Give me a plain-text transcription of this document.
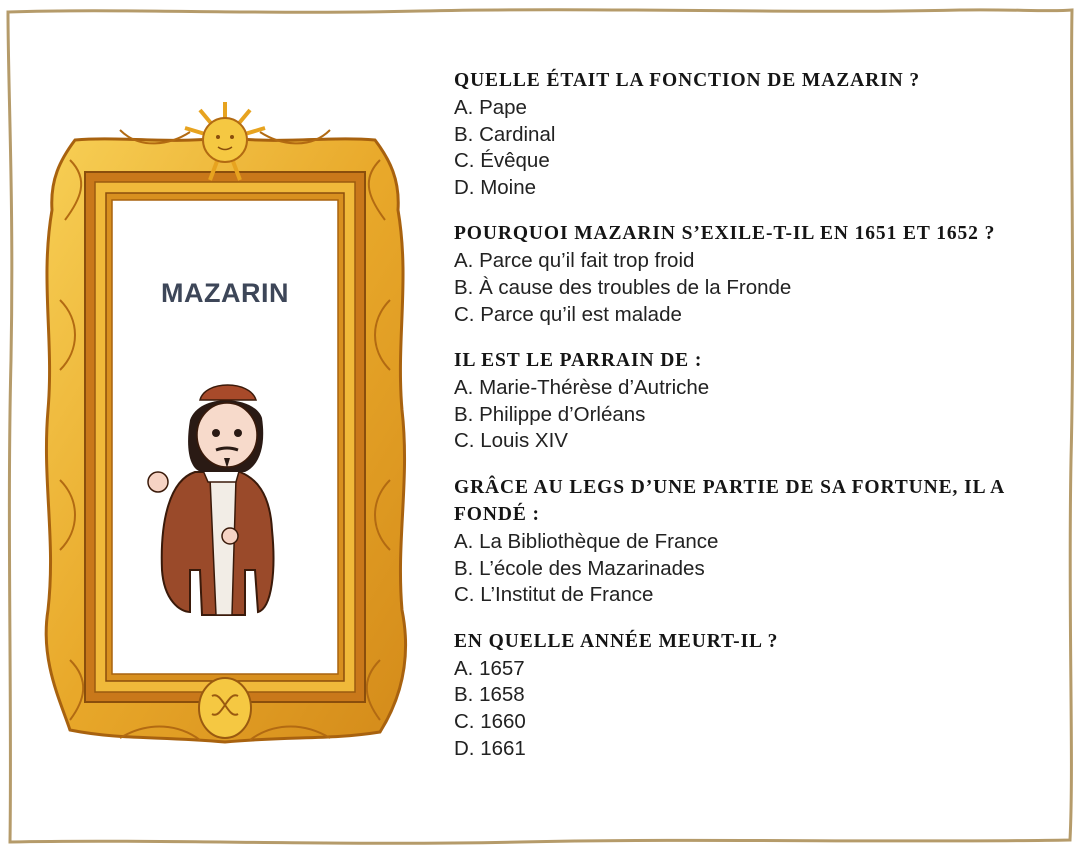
MAZARIN
QUELLE ÉTAIT LA FONCTION DE MAZARIN ?
A. Pape
B. Cardinal
C. Évêque
D. Moine
POURQUOI MAZARIN S’EXILE-T-IL EN 1651 ET 1652 ?
A. Parce qu’il fait trop froid
B. À cause des troubles de la Fronde
C. Parce qu’il est malade
IL EST LE PARRAIN DE :
A. Marie-Thérèse d’Autriche
B. Philippe d’Orléans
C. Louis XIV
GRÂCE AU LEGS D’UNE PARTIE DE SA FORTUNE, IL A
FONDÉ :
A. La Bibliothèque de France
B. L’école des Mazarinades
C. L’Institut de France
EN QUELLE ANNÉE MEURT-IL ?
A. 1657
B. 1658
C. 1660
D. 1661
